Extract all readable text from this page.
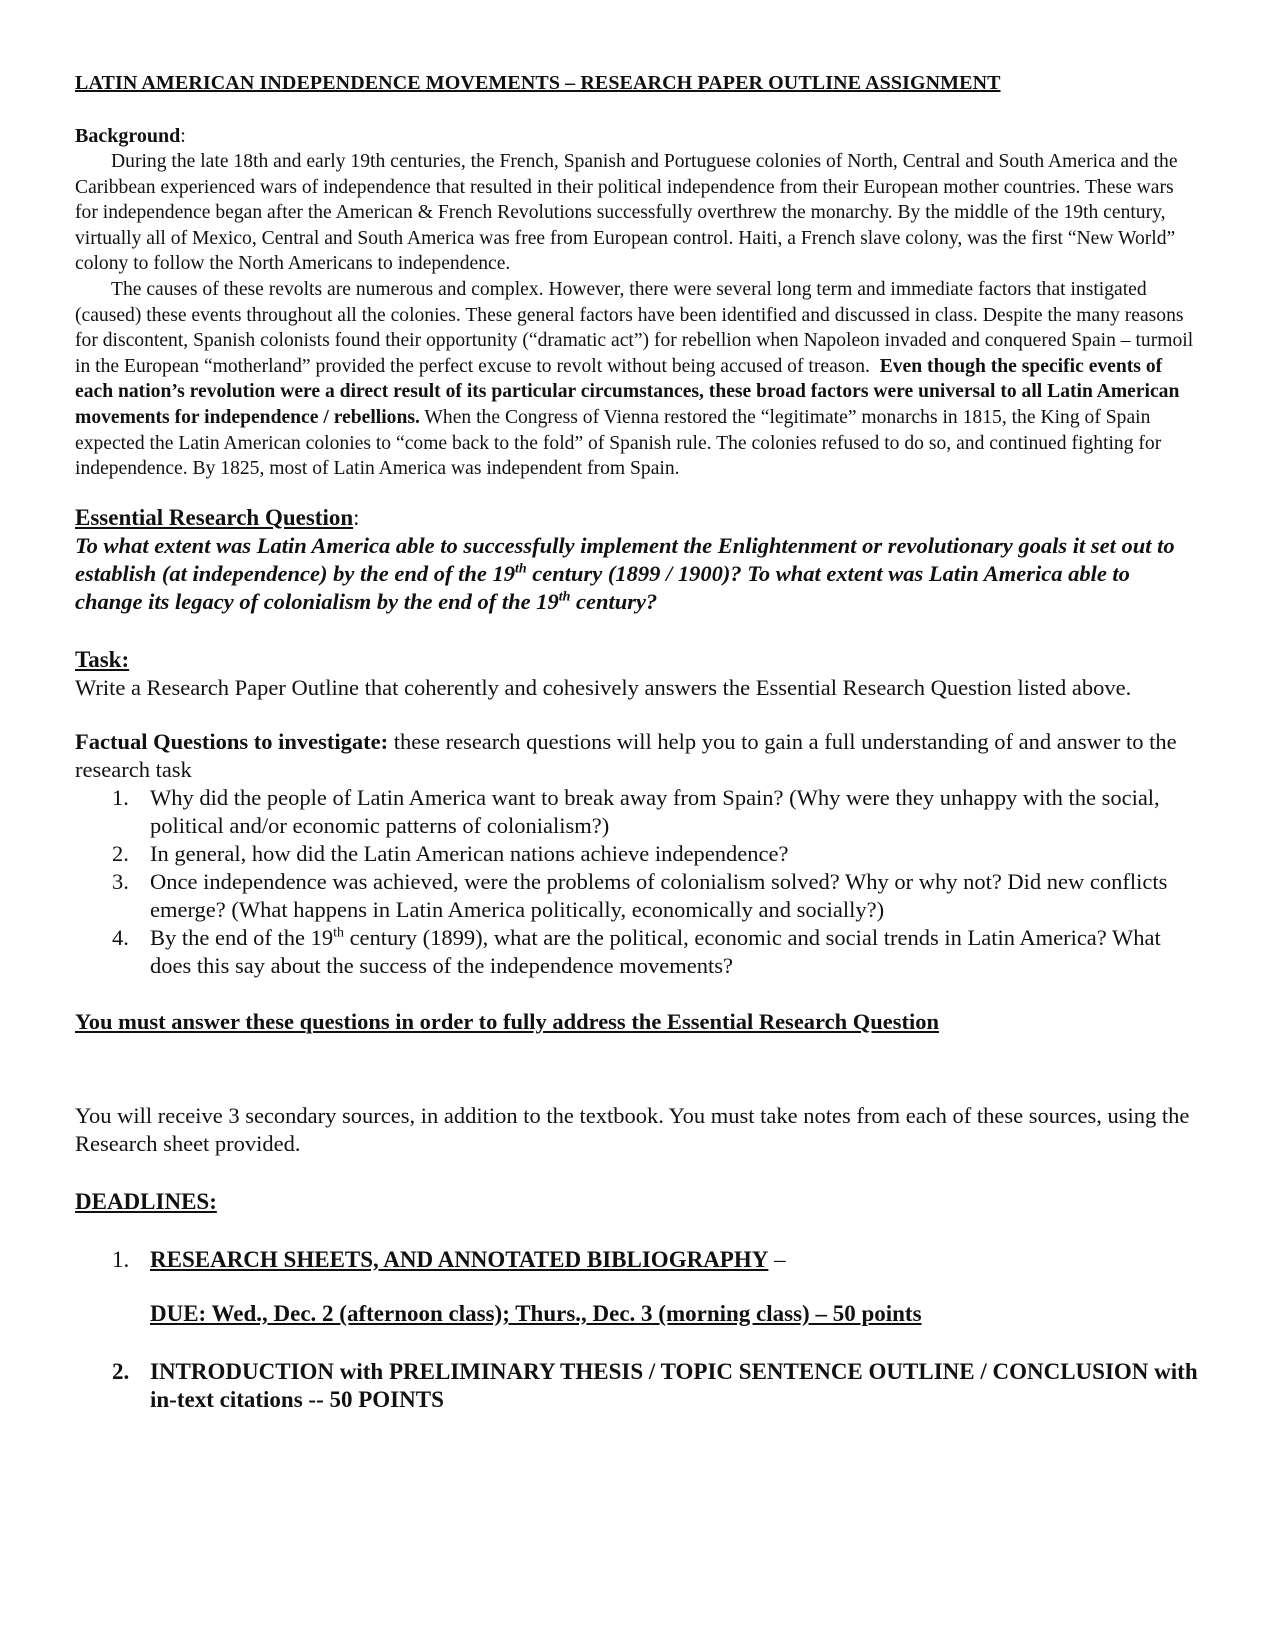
LATIN AMERICAN INDEPENDENCE MOVEMENTS – RESEARCH PAPER OUTLINE ASSIGNMENT
Background:

During the late 18th and early 19th centuries, the French, Spanish and Portuguese colonies of North, Central and South America and the Caribbean experienced wars of independence that resulted in their political independence from their European mother countries. These wars for independence began after the American & French Revolutions successfully overthrew the monarchy. By the middle of the 19th century, virtually all of Mexico, Central and South America was free from European control. Haiti, a French slave colony, was the first “New World” colony to follow the North Americans to independence.

The causes of these revolts are numerous and complex. However, there were several long term and immediate factors that instigated (caused) these events throughout all the colonies. These general factors have been identified and discussed in class. Despite the many reasons for discontent, Spanish colonists found their opportunity (“dramatic act”) for rebellion when Napoleon invaded and conquered Spain – turmoil in the European “motherland” provided the perfect excuse to revolt without being accused of treason. Even though the specific events of each nation’s revolution were a direct result of its particular circumstances, these broad factors were universal to all Latin American movements for independence / rebellions. When the Congress of Vienna restored the “legitimate” monarchs in 1815, the King of Spain expected the Latin American colonies to “come back to the fold” of Spanish rule. The colonies refused to do so, and continued fighting for independence. By 1825, most of Latin America was independent from Spain.

Essential Research Question:

To what extent was Latin America able to successfully implement the Enlightenment or revolutionary goals it set out to establish (at independence) by the end of the 19th century (1899 / 1900)? To what extent was Latin America able to change its legacy of colonialism by the end of the 19th century?

Task:

Write a Research Paper Outline that coherently and cohesively answers the Essential Research Question listed above.

Factual Questions to investigate: these research questions will help you to gain a full understanding of and answer to the research task

1. Why did the people of Latin America want to break away from Spain? (Why were they unhappy with the social, political and/or economic patterns of colonialism?)
2. In general, how did the Latin American nations achieve independence?
3. Once independence was achieved, were the problems of colonialism solved? Why or why not? Did new conflicts emerge? (What happens in Latin America politically, economically and socially?)
4. By the end of the 19th century (1899), what are the political, economic and social trends in Latin America? What does this say about the success of the independence movements?
You must answer these questions in order to fully address the Essential Research Question

You will receive 3 secondary sources, in addition to the textbook. You must take notes from each of these sources, using the Research sheet provided.

DEADLINES:
1. RESEARCH SHEETS, AND ANNOTATED BIBLIOGRAPHY –
DUE: Wed., Dec. 2 (afternoon class); Thurs., Dec. 3 (morning class) – 50 points
2. INTRODUCTION with PRELIMINARY THESIS / TOPIC SENTENCE OUTLINE / CONCLUSION with in-text citations -- 50 POINTS
